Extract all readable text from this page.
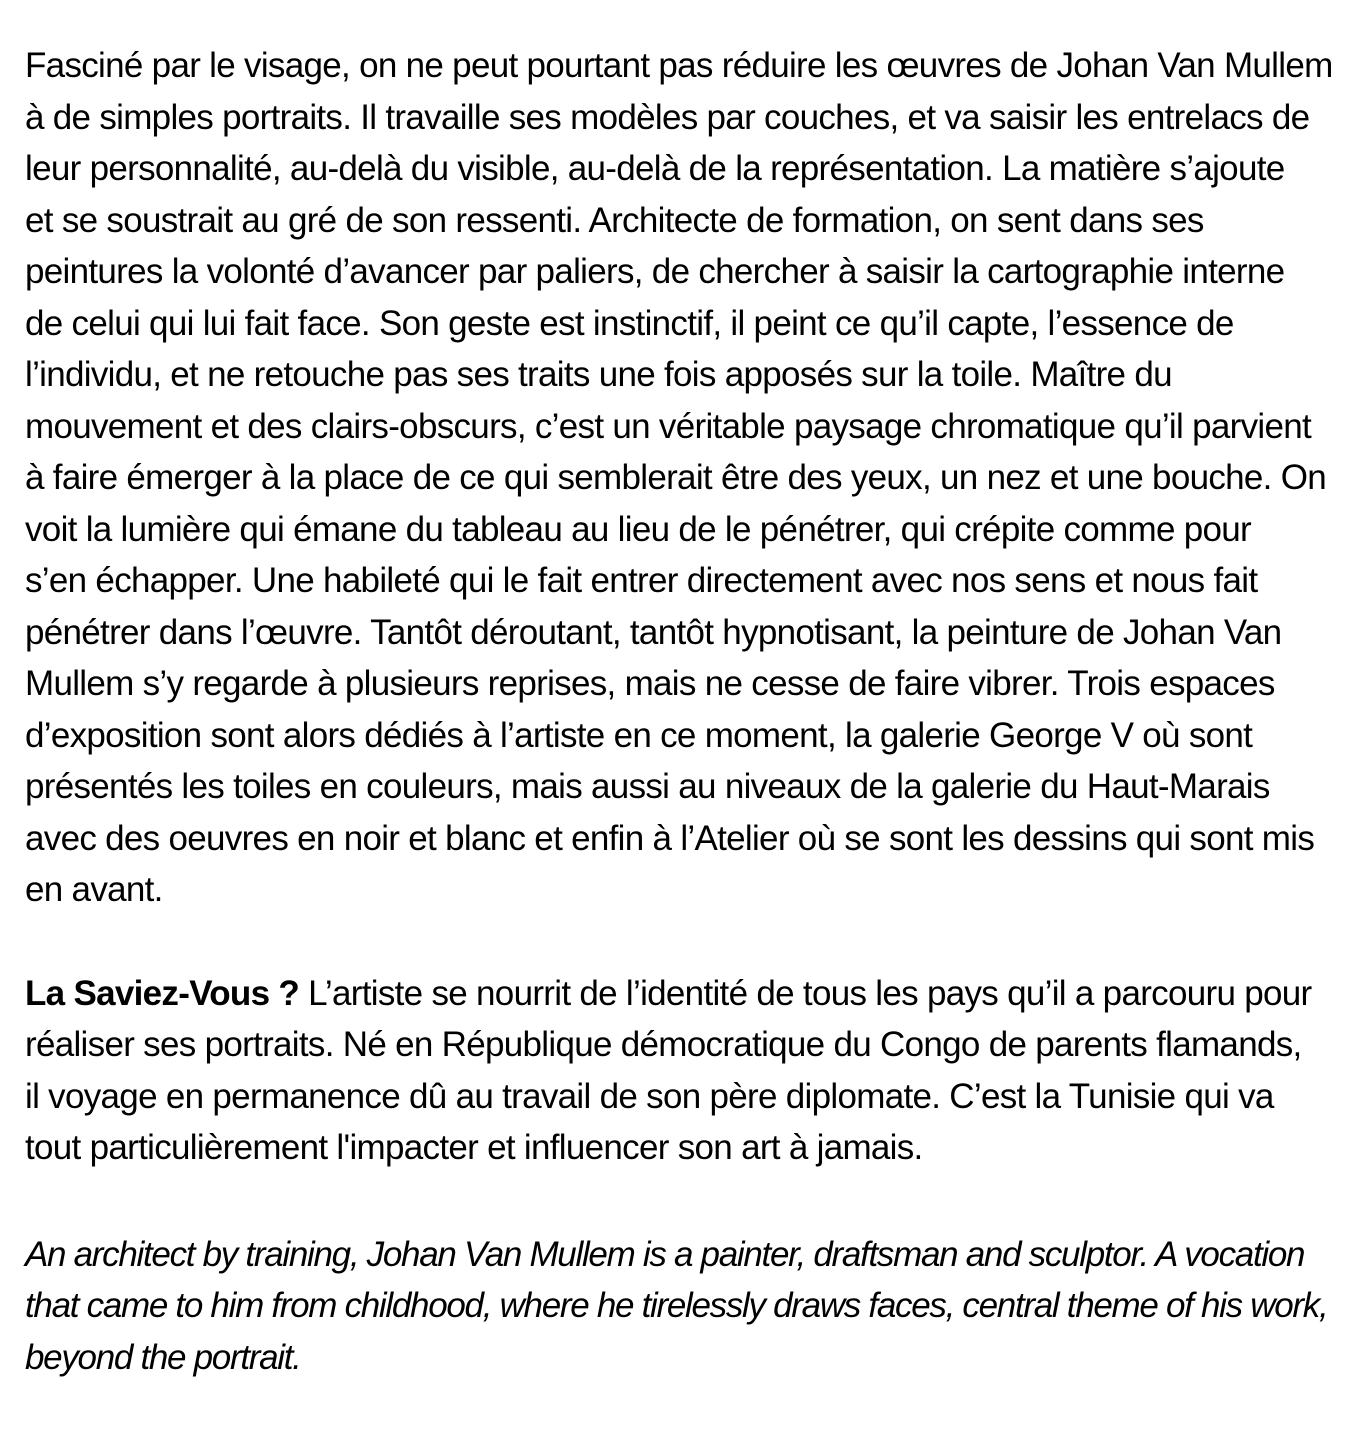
Fasciné par le visage, on ne peut pourtant pas réduire les œuvres de Johan Van Mullem
à de simples portraits. Il travaille ses modèles par couches, et va saisir les entrelacs de
leur personnalité, au-delà du visible, au-delà de la représentation. La matière s’ajoute
et se soustrait au gré de son ressenti. Architecte de formation, on sent dans ses
peintures la volonté d’avancer par paliers, de chercher à saisir la cartographie interne
de celui qui lui fait face. Son geste est instinctif, il peint ce qu’il capte, l’essence de
l’individu, et ne retouche pas ses traits une fois apposés sur la toile. Maître du
mouvement et des clairs-obscurs, c’est un véritable paysage chromatique qu’il parvient
à faire émerger à la place de ce qui semblerait être des yeux, un nez et une bouche. On
voit la lumière qui émane du tableau au lieu de le pénétrer, qui crépite comme pour
s’en échapper. Une habileté qui le fait entrer directement avec nos sens et nous fait
pénétrer dans l’œuvre. Tantôt déroutant, tantôt hypnotisant, la peinture de Johan Van
Mullem s’y regarde à plusieurs reprises, mais ne cesse de faire vibrer. Trois espaces
d’exposition sont alors dédiés à l’artiste en ce moment, la galerie George V où sont
présentés les toiles en couleurs, mais aussi au niveaux de la galerie du Haut-Marais
avec des oeuvres en noir et blanc et enfin à l’Atelier où se sont les dessins qui sont mis
en avant.
La Saviez-Vous ? L’artiste se nourrit de l’identité de tous les pays qu’il a parcouru pour
réaliser ses portraits. Né en République démocratique du Congo de parents flamands,
il voyage en permanence dû au travail de son père diplomate. C’est la Tunisie qui va
tout particulièrement l'impacter et influencer son art à jamais.
An architect by training, Johan Van Mullem is a painter, draftsman and sculptor. A vocation
that came to him from childhood, where he tirelessly draws faces, central theme of his work,
beyond the portrait.
